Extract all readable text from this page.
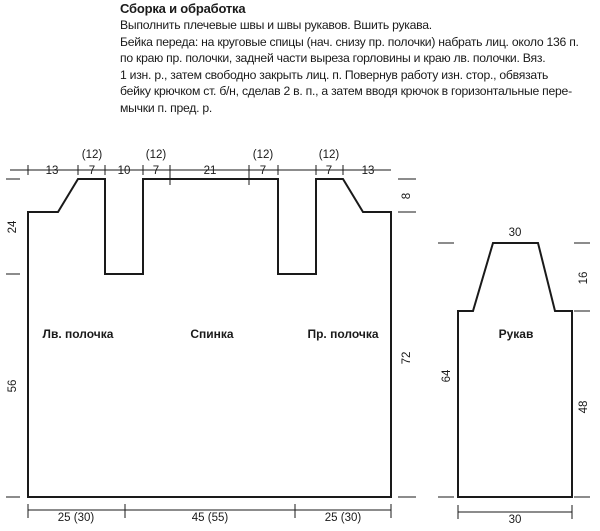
Сборка и обработка
Выполнить плечевые швы и швы рукавов. Вшить рукава.
Бейка переда: на круговые спицы (нач. снизу пр. полочки) набрать лиц. около 136 п.
по краю пр. полочки, задней части выреза горловины и краю лв. полочки. Вяз.
1 изн. р., затем свободно закрыть лиц. п. Повернув работу изн. стор., обвязать
бейку крючком ст. б/н, сделав 2 в. п., а затем вводя крючок в горизонтальные пере-
мычки п. пред. р.
(12)	(12)	(12)	(12)
13	7 10 7	21	7	7	13
24
56
8
72
Лв. полочка	Спинка	Пр. полочка	Рукав
25 (30)	45 (55)	25 (30)
30
30
64
16
48
